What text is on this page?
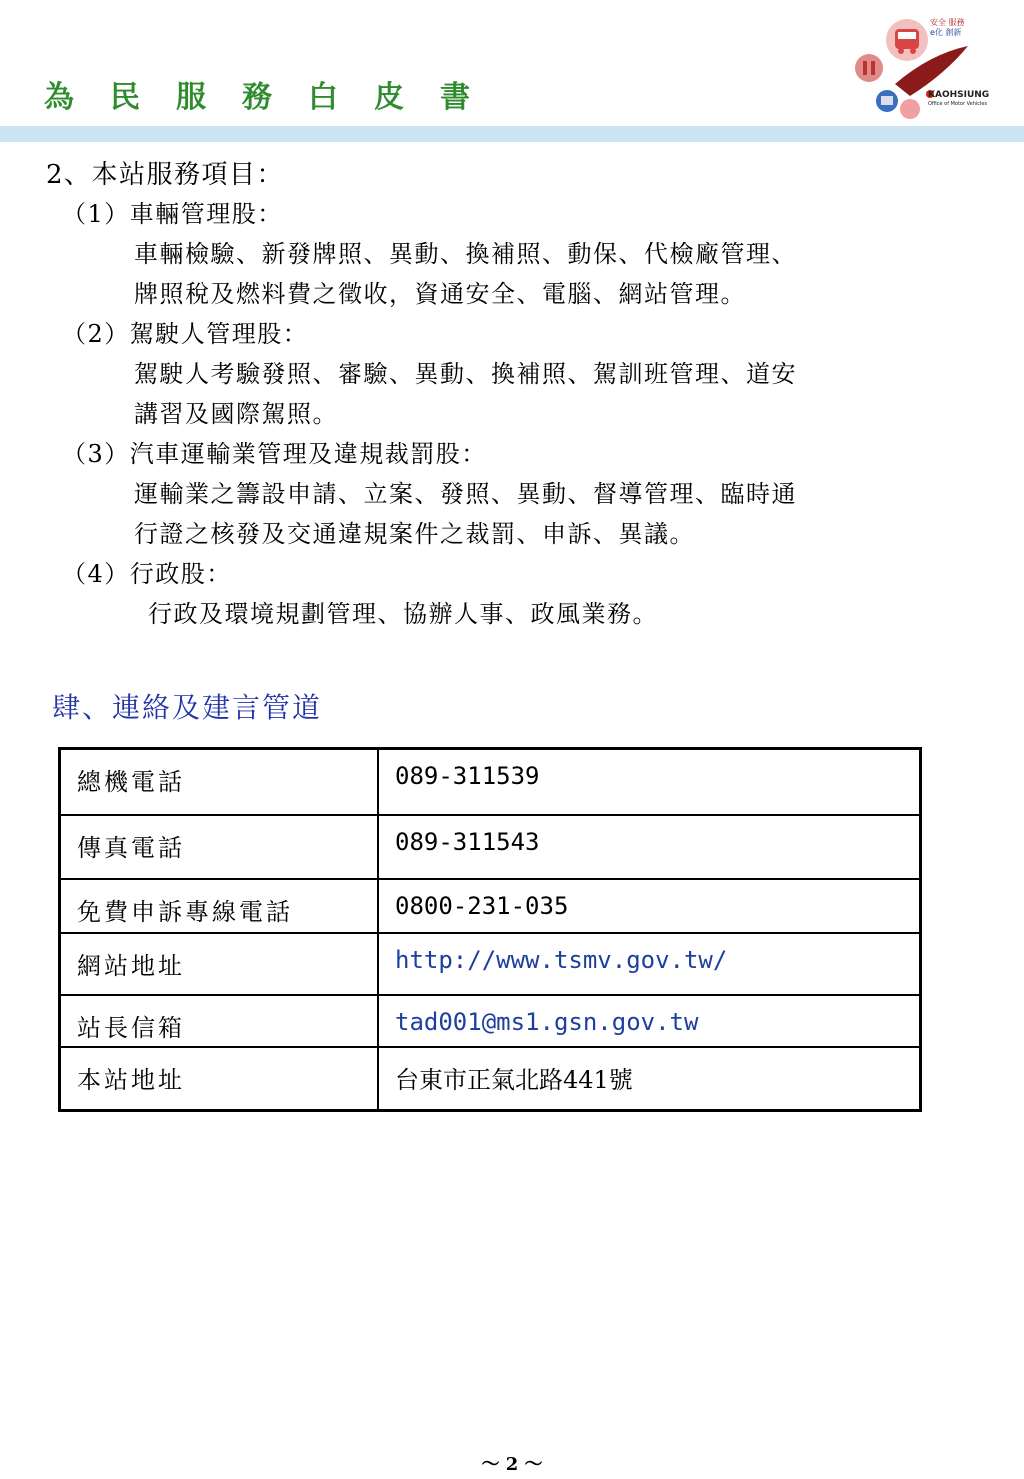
為民服務白皮書
安全 服務
e化 創新
KAOHSIUNG
Office of Motor Vehicles
2、本站服務項目：
（1）車輛管理股：
車輛檢驗、新發牌照、異動、換補照、動保、代檢廠管理、
牌照稅及燃料費之徵收，資通安全、電腦、網站管理。
（2）駕駛人管理股：
駕駛人考驗發照、審驗、異動、換補照、駕訓班管理、道安
講習及國際駕照。
（3）汽車運輸業管理及違規裁罰股：
運輸業之籌設申請、立案、發照、異動、督導管理、臨時通
行證之核發及交通違規案件之裁罰、申訴、異議。
（4）行政股：
行政及環境規劃管理、協辦人事、政風業務。
肆、連絡及建言管道
總機電話	089-311539
傳真電話	089-311543
免費申訴專線電話	0800-231-035
網站地址	http://www.tsmv.gov.tw/
站長信箱	tad001@ms1.gsn.gov.tw
本站地址	台東市正氣北路441號
～ 2 ～
